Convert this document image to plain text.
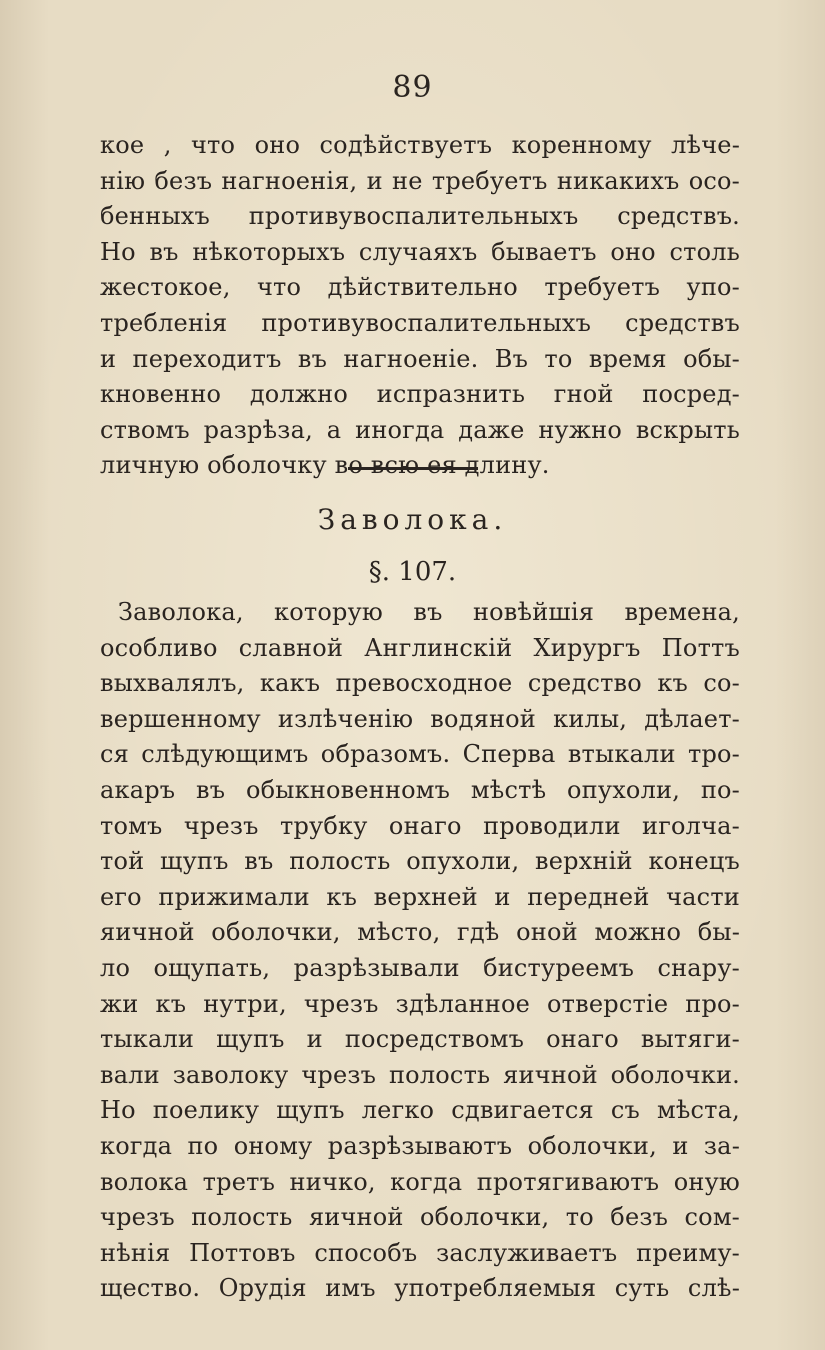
89
кое , что оно содѣйствуетъ коренному лѣче-
нію безъ нагноенія, и не требуетъ никакихъ осо-
бенныхъ противувоспалительныхъ средствъ.
Но въ нѣкоторыхъ случаяхъ бываетъ оно столь
жестокое, что дѣйствительно требуетъ упо-
требленія противувоспалительныхъ средствъ
и переходитъ въ нагноеніе. Въ то время обы-
кновенно должно испразнить гной посред-
ствомъ разрѣза, а иногда даже нужно вскрыть
личную оболочку во всю ея длину.
Заволока.
§. 107.
Заволока, которую въ новѣйшія времена,
особливо славной Англинскій Хирургъ Поттъ
выхвалялъ, какъ превосходное средство къ со-
вершенному излѣченію водяной килы, дѣлает-
ся слѣдующимъ образомъ. Сперва втыкали тро-
акаръ въ обыкновенномъ мѣстѣ опухоли, по-
томъ чрезъ трубку онаго проводили иголча-
той щупъ въ полость опухоли, верхній конецъ
его прижимали къ верхней и передней части
яичной оболочки, мѣсто, гдѣ оной можно бы-
ло ощупать, разрѣзывали бистуреемъ снару-
жи къ нутри, чрезъ здѣланное отверстіе про-
тыкали щупъ и посредствомъ онаго вытяги-
вали заволоку чрезъ полость яичной оболочки.
Но поелику щупъ легко сдвигается съ мѣста,
когда по оному разрѣзываютъ оболочки, и за-
волока третъ ничко, когда протягиваютъ оную
чрезъ полость яичной оболочки, то безъ сом-
нѣнія Поттовъ способъ заслуживаетъ преиму-
щество. Орудія имъ употребляемыя суть слѣ-
